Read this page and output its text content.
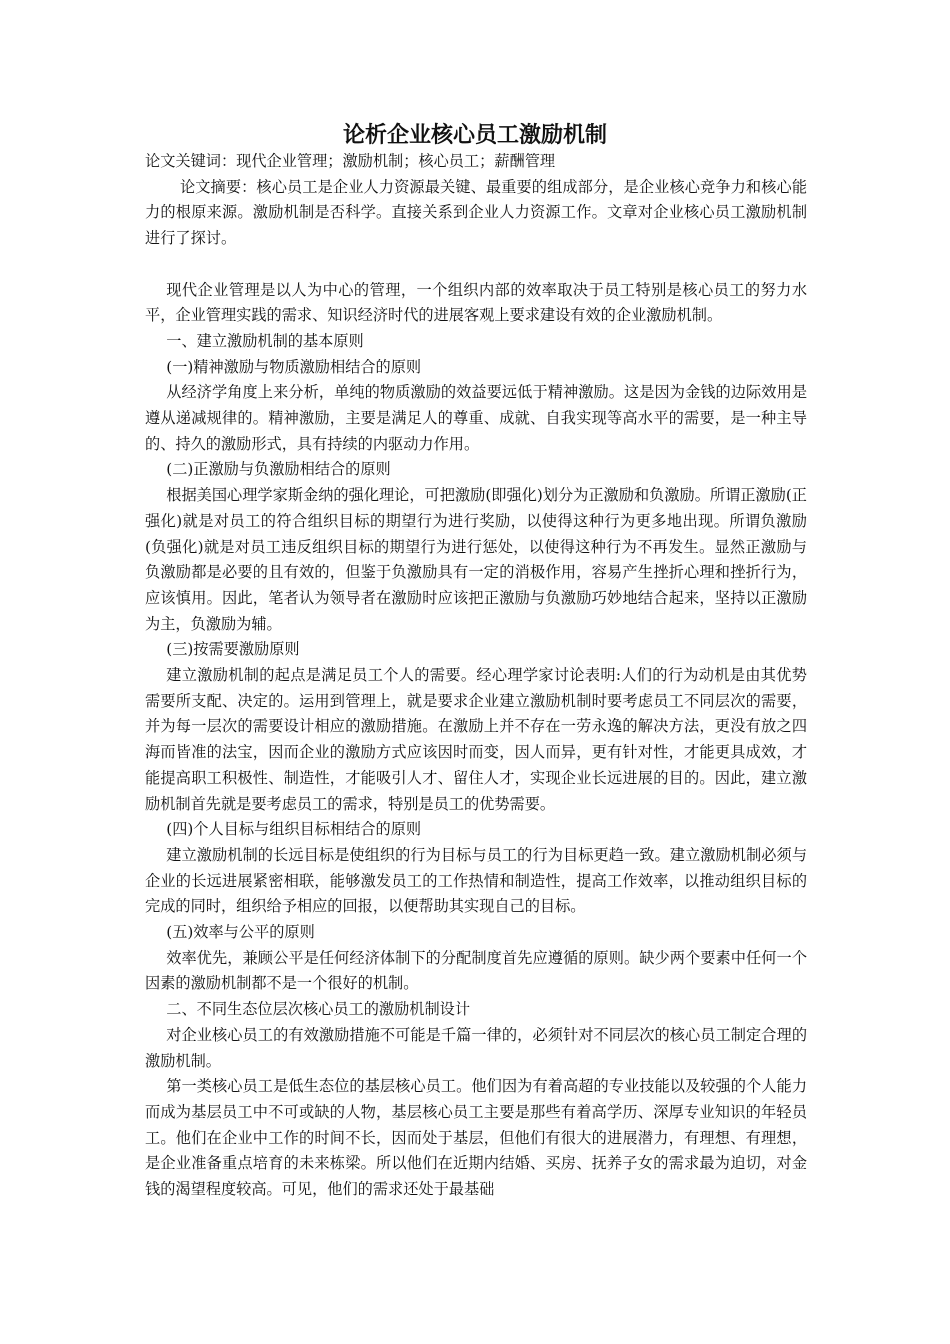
论析企业核心员工激励机制

论文关键词：现代企业管理；激励机制；核心员工；薪酬管理

论文摘要：核心员工是企业人力资源最关键、最重要的组成部分，是企业核心竞争力和核心能力的根原来源。激励机制是否科学。直接关系到企业人力资源工作。文章对企业核心员工激励机制进行了探讨。

现代企业管理是以人为中心的管理，一个组织内部的效率取决于员工特别是核心员工的努力水平，企业管理实践的需求、知识经济时代的进展客观上要求建设有效的企业激励机制。

一、建立激励机制的基本原则

(一)精神激励与物质激励相结合的原则

从经济学角度上来分析，单纯的物质激励的效益要远低于精神激励。这是因为金钱的边际效用是遵从递减规律的。精神激励，主要是满足人的尊重、成就、自我实现等高水平的需要，是一种主导的、持久的激励形式，具有持续的内驱动力作用。

(二)正激励与负激励相结合的原则

根据美国心理学家斯金纳的强化理论，可把激励(即强化)划分为正激励和负激励。所谓正激励(正强化)就是对员工的符合组织目标的期望行为进行奖励，以使得这种行为更多地出现。所谓负激励(负强化)就是对员工违反组织目标的期望行为进行惩处，以使得这种行为不再发生。显然正激励与负激励都是必要的且有效的，但鉴于负激励具有一定的消极作用，容易产生挫折心理和挫折行为，应该慎用。因此，笔者认为领导者在激励时应该把正激励与负激励巧妙地结合起来，坚持以正激励为主，负激励为辅。

(三)按需要激励原则

建立激励机制的起点是满足员工个人的需要。经心理学家讨论表明:人们的行为动机是由其优势需要所支配、决定的。运用到管理上，就是要求企业建立激励机制时要考虑员工不同层次的需要，并为每一层次的需要设计相应的激励措施。在激励上并不存在一劳永逸的解决方法，更没有放之四海而皆准的法宝，因而企业的激励方式应该因时而变，因人而异，更有针对性，才能更具成效，才能提高职工积极性、制造性，才能吸引人才、留住人才，实现企业长远进展的目的。因此，建立激励机制首先就是要考虑员工的需求，特别是员工的优势需要。

(四)个人目标与组织目标相结合的原则

建立激励机制的长远目标是使组织的行为目标与员工的行为目标更趋一致。建立激励机制必须与企业的长远进展紧密相联，能够激发员工的工作热情和制造性，提高工作效率，以推动组织目标的完成的同时，组织给予相应的回报，以便帮助其实现自己的目标。

(五)效率与公平的原则

效率优先，兼顾公平是任何经济体制下的分配制度首先应遵循的原则。缺少两个要素中任何一个因素的激励机制都不是一个很好的机制。

二、不同生态位层次核心员工的激励机制设计

对企业核心员工的有效激励措施不可能是千篇一律的，必须针对不同层次的核心员工制定合理的激励机制。

第一类核心员工是低生态位的基层核心员工。他们因为有着高超的专业技能以及较强的个人能力而成为基层员工中不可或缺的人物，基层核心员工主要是那些有着高学历、深厚专业知识的年轻员工。他们在企业中工作的时间不长，因而处于基层，但他们有很大的进展潜力，有理想、有理想，是企业准备重点培育的未来栋梁。所以他们在近期内结婚、买房、抚养子女的需求最为迫切，对金钱的渴望程度较高。可见，他们的需求还处于最基础
